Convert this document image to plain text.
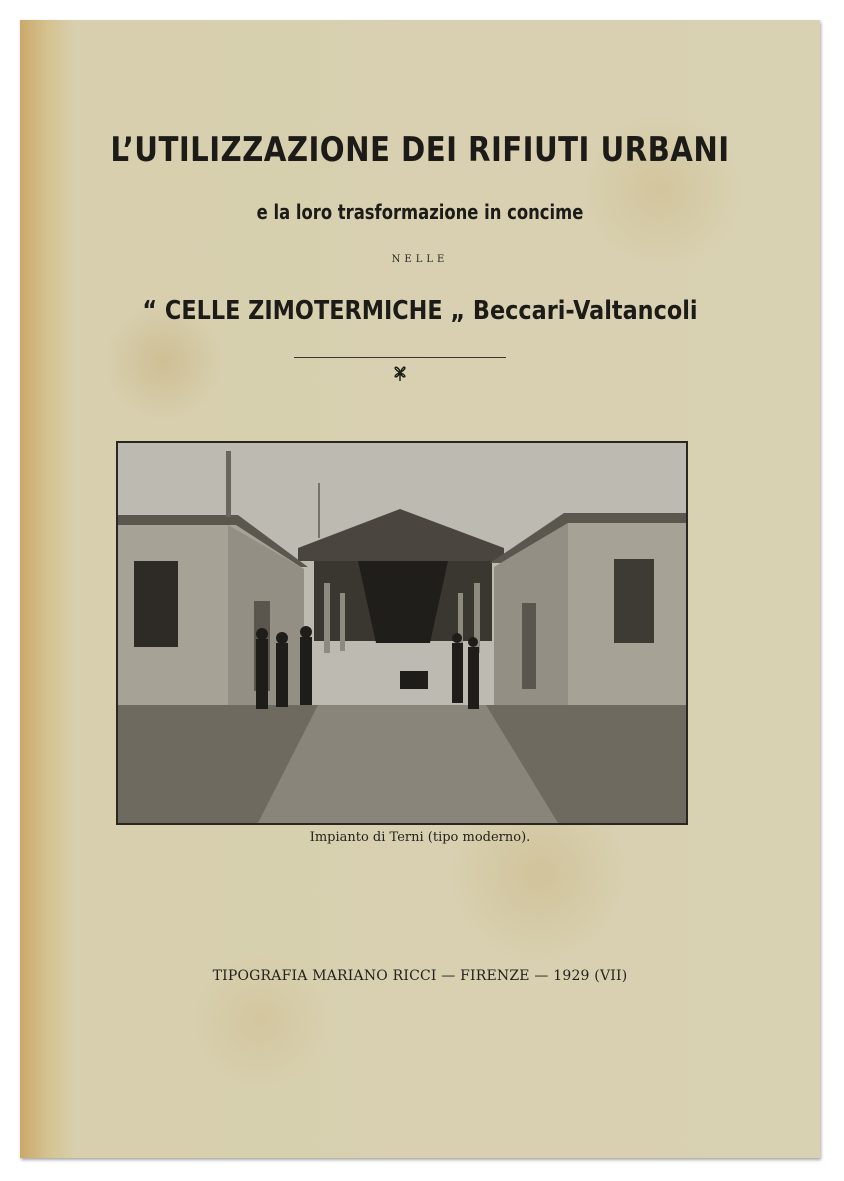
L’UTILIZZAZIONE DEI RIFIUTI URBANI

e la loro trasformazione in concime

NELLE

“ CELLE ZIMOTERMICHE „ Beccari-Valtancoli

Impianto di Terni (tipo moderno).

TIPOGRAFIA MARIANO RICCI — FIRENZE — 1929 (VII)
